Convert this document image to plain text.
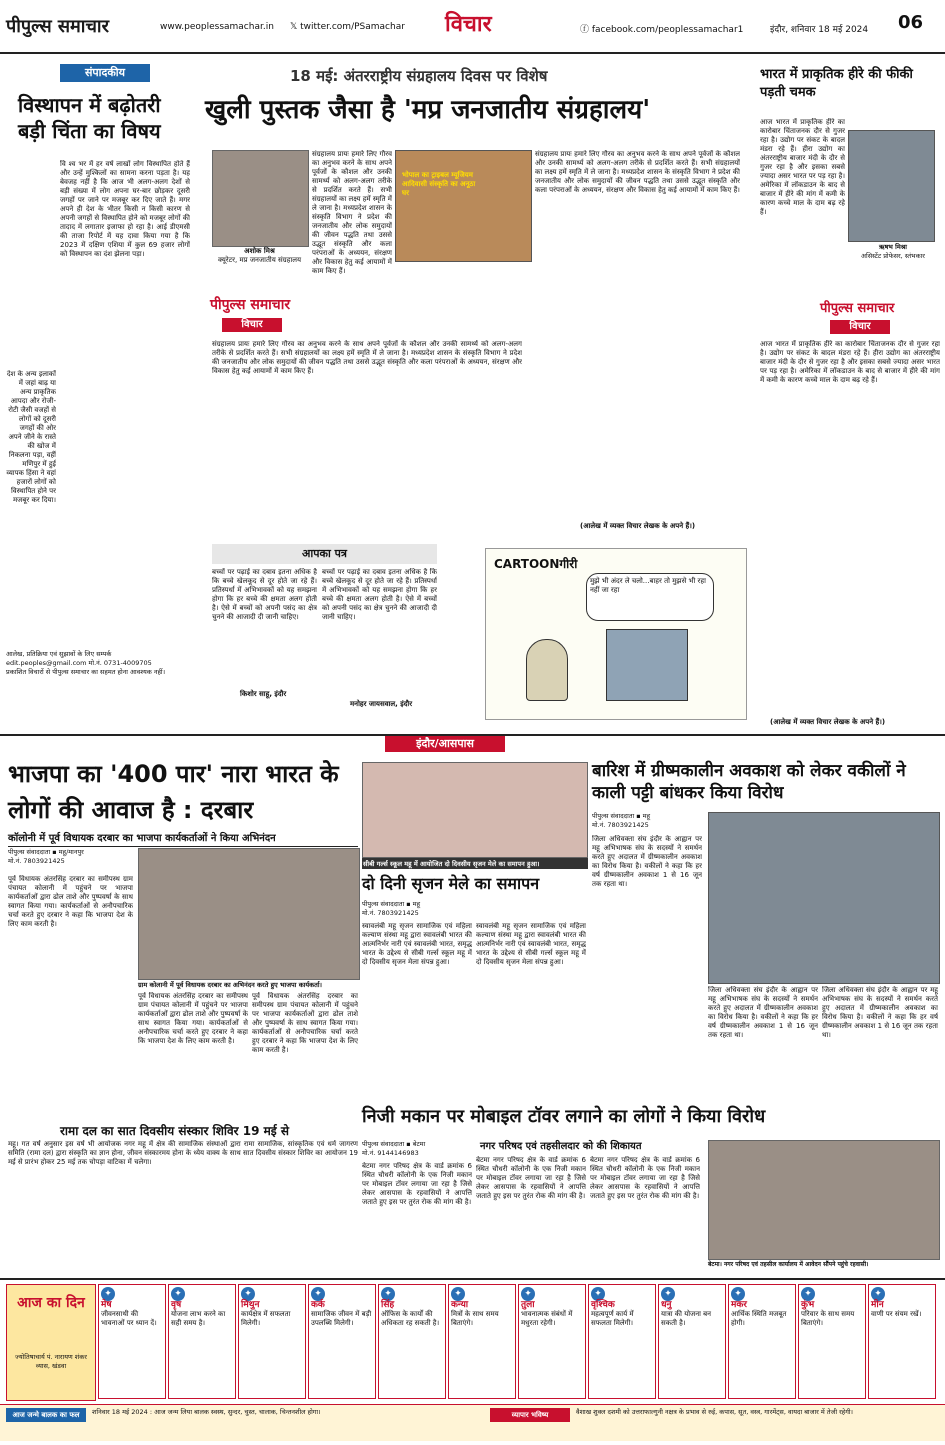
पीपुल्स समाचार	www.peoplessamachar.in 𝕏 twitter.com/PSamachar विचार	ⓕ facebook.com/peoplessamachar1	इंदौर, शनिवार 18 मई 2024 06
संपादकीय
विस्थापन में बढ़ोतरी बड़ी चिंता का विषय
वि श्व भर में हर वर्ष लाखों लोग विस्थापित होते हैं और उन्हें मुश्किलों का सामना करना पड़ता है। यह बेवजह नहीं है कि आज भी अलग-अलग देशों से बड़ी संख्या में लोग अपना घर-बार छोड़कर दूसरी जगहों पर जाने पर मजबूर कर दिए जाते हैं। मगर अपने ही देश के भीतर किसी न किसी कारण से अपनी जगहों से विस्थापित होने को मजबूर लोगों की तादाद में लगातार इजाफा हो रहा है। आई डीएमसी की ताजा रिपोर्ट में यह दावा किया गया है कि 2023 में दक्षिण एशिया में कुल 69 हजार लोगों को विस्थापन का दंश झेलना पड़ा।
देश के अन्य इलाकों में जहां बाढ़ या अन्य प्राकृतिक आपदा और रोजी-रोटी जैसी वजहों से लोगों को दूसरी जगहों की ओर अपने जीने के रास्ते की खोज में निकलना पड़ा, वहीं मणिपुर में हुई व्यापक हिंसा ने वहां हजारों लोगों को विस्थापित होने पर मजबूर कर दिया।
आलेख, प्रतिक्रिया एवं सुझावों के लिए सम्पर्क
edit.peoples@gmail.com मो.नं. 0731-4009705
प्रकाशित विचारों से पीपुल्स समाचार का सहमत होना आवश्यक नहीं।
18 मई: अंतरराष्ट्रीय संग्रहालय दिवस पर विशेष
खुली पुस्तक जैसा है 'मप्र जनजातीय संग्रहालय'
अशोक मिश्र
क्यूरेटर, मप्र जनजातीय संग्रहालय
पीपुल्स समाचार
विचार
संग्रहालय प्रायः हमारे लिए गौरव का अनुभव करने के साथ अपने पूर्वजों के कौशल और उनकी सामर्थ्य को अलग-अलग तरीके से प्रदर्शित करते हैं। सभी संग्रहालयों का लक्ष्य हमें स्मृति में ले जाना है। मध्यप्रदेश शासन के संस्कृति विभाग ने प्रदेश की जनजातीय और लोक समुदायों की जीवन पद्धति तथा उससे उद्भूत संस्कृति और कला परंपराओं के अध्ययन, संरक्षण और विकास हेतु कई आयामों में काम किए हैं।
भोपाल का ट्राइबल म्यूजियम आदिवासी संस्कृति का अनूठा घर
संग्रहालय प्रायः हमारे लिए गौरव का अनुभव करने के साथ अपने पूर्वजों के कौशल और उनकी सामर्थ्य को अलग-अलग तरीके से प्रदर्शित करते हैं। सभी संग्रहालयों का लक्ष्य हमें स्मृति में ले जाना है। मध्यप्रदेश शासन के संस्कृति विभाग ने प्रदेश की जनजातीय और लोक समुदायों की जीवन पद्धति तथा उससे उद्भूत संस्कृति और कला परंपराओं के अध्ययन, संरक्षण और विकास हेतु कई आयामों में काम किए हैं।
संग्रहालय प्रायः हमारे लिए गौरव का अनुभव करने के साथ अपने पूर्वजों के कौशल और उनकी सामर्थ्य को अलग-अलग तरीके से प्रदर्शित करते हैं। सभी संग्रहालयों का लक्ष्य हमें स्मृति में ले जाना है। मध्यप्रदेश शासन के संस्कृति विभाग ने प्रदेश की जनजातीय और लोक समुदायों की जीवन पद्धति तथा उससे उद्भूत संस्कृति और कला परंपराओं के अध्ययन, संरक्षण और विकास हेतु कई आयामों में काम किए हैं।
(आलेख में व्यक्त विचार लेखक के अपने हैं।)
आपका पत्र
बच्चों पर पढ़ाई का दबाव इतना अधिक है कि बच्चे खेलकूद से दूर होते जा रहे हैं। प्रतिस्पर्धा में अभिभावकों को यह समझना होगा कि हर बच्चे की क्षमता अलग होती है। ऐसे में बच्चों को अपनी पसंद का क्षेत्र चुनने की आजादी दी जानी चाहिए।
बच्चों पर पढ़ाई का दबाव इतना अधिक है कि बच्चे खेलकूद से दूर होते जा रहे हैं। प्रतिस्पर्धा में अभिभावकों को यह समझना होगा कि हर बच्चे की क्षमता अलग होती है। ऐसे में बच्चों को अपनी पसंद का क्षेत्र चुनने की आजादी दी जानी चाहिए।
किशोर साहू, इंदौर
मनोहर जायसवाल, इंदौर
CARTOONगीरी
मुझे भी अंदर ले चलो...बाहर तो मुझसे भी रहा नहीं जा रहा
भारत में प्राकृतिक हीरे की फीकी पड़ती चमक
आज भारत में प्राकृतिक हीरे का कारोबार चिंताजनक दौर से गुजर रहा है। उद्योग पर संकट के बादल मंडरा रहे हैं। हीरा उद्योग का अंतरराष्ट्रीय बाजार मंदी के दौर से गुजर रहा है और इसका सबसे ज्यादा असर भारत पर पड़ रहा है। अमेरिका में लॉकडाउन के बाद से बाजार में हीरे की मांग में कमी के कारण कच्चे माल के दाम बढ़ रहे हैं।
ऋषभ मिश्रा
असिस्टेंट प्रोफेसर, स्तंभकार
पीपुल्स समाचार
विचार
आज भारत में प्राकृतिक हीरे का कारोबार चिंताजनक दौर से गुजर रहा है। उद्योग पर संकट के बादल मंडरा रहे हैं। हीरा उद्योग का अंतरराष्ट्रीय बाजार मंदी के दौर से गुजर रहा है और इसका सबसे ज्यादा असर भारत पर पड़ रहा है। अमेरिका में लॉकडाउन के बाद से बाजार में हीरे की मांग में कमी के कारण कच्चे माल के दाम बढ़ रहे हैं।
(आलेख में व्यक्त विचार लेखक के अपने हैं।)
इंदौर/आसपास
भाजपा का '400 पार' नारा भारत के लोगों की आवाज है : दरबार
कॉलोनी में पूर्व विधायक दरबार का भाजपा कार्यकर्ताओं ने किया अभिनंदन
पीपुल्स संवाददाता ▪ महू/मानपुर
मो.नं. 7803921425
ग्राम कोलानी में पूर्व विधायक दरबार का अभिनंदन करते हुए भाजपा कार्यकर्ता।
पूर्व विधायक अंतरसिंह दरबार का समीपस्थ ग्राम पंचायत कोलानी में पहुंचने पर भाजपा कार्यकर्ताओं द्वारा ढोल ताशे और पुष्पवर्षा के साथ स्वागत किया गया। कार्यकर्ताओं से अनौपचारिक चर्चा करते हुए दरबार ने कहा कि भाजपा देश के लिए काम करती है।
पूर्व विधायक अंतरसिंह दरबार का समीपस्थ ग्राम पंचायत कोलानी में पहुंचने पर भाजपा कार्यकर्ताओं द्वारा ढोल ताशे और पुष्पवर्षा के साथ स्वागत किया गया। कार्यकर्ताओं से अनौपचारिक चर्चा करते हुए दरबार ने कहा कि भाजपा देश के लिए काम करती है।
पूर्व विधायक अंतरसिंह दरबार का समीपस्थ ग्राम पंचायत कोलानी में पहुंचने पर भाजपा कार्यकर्ताओं द्वारा ढोल ताशे और पुष्पवर्षा के साथ स्वागत किया गया। कार्यकर्ताओं से अनौपचारिक चर्चा करते हुए दरबार ने कहा कि भाजपा देश के लिए काम करती है।
रामा दल का सात दिवसीय संस्कार शिविर 19 मई से
महू। गत वर्ष अनुसार इस वर्ष भी आयोजक नगर महू में क्षेत्र की सामाजिक संस्थाओं द्वारा रामा सामाजिक, सांस्कृतिक एवं धर्म जागरण समिति (रामा दल) द्वारा संस्कृति का ज्ञान होना, जीवन संस्कारमय होना के ध्येय वाक्य के साथ सात दिवसीय संस्कार शिविर का आयोजन 19 मई से प्रारंभ होकर 25 मई तक चोपड़ा वाटिका में चलेगा।
सीबी गर्ल्स स्कूल महू में आयोजित दो दिवसीय सृजन मेले का समापन हुआ।
दो दिनी सृजन मेले का समापन
पीपुल्स संवाददाता ▪ महू
मो.नं. 7803921425
स्वावलंबी महू सृजन सामाजिक एवं महिला कल्याण संस्था महू द्वारा स्वावलंबी भारत की आत्मनिर्भर नारी एवं स्वावलंबी भारत, समृद्ध भारत के उद्देश्य से सीबी गर्ल्स स्कूल महू में दो दिवसीय सृजन मेला संपन्न हुआ।
स्वावलंबी महू सृजन सामाजिक एवं महिला कल्याण संस्था महू द्वारा स्वावलंबी भारत की आत्मनिर्भर नारी एवं स्वावलंबी भारत, समृद्ध भारत के उद्देश्य से सीबी गर्ल्स स्कूल महू में दो दिवसीय सृजन मेला संपन्न हुआ।
बारिश में ग्रीष्मकालीन अवकाश को लेकर वकीलों ने काली पट्टी बांधकर किया विरोध
पीपुल्स संवाददाता ▪ महू
मो.नं. 7803921425
जिला अधिवक्ता संघ इंदौर के आह्वान पर महू अभिभाषक संघ के सदस्यों ने समर्थन करते हुए अदालत में ग्रीष्मकालीन अवकाश का विरोध किया है। वकीलों ने कहा कि हर वर्ष ग्रीष्मकालीन अवकाश 1 से 16 जून तक रहता था।
जिला अधिवक्ता संघ इंदौर के आह्वान पर महू अभिभाषक संघ के सदस्यों ने समर्थन करते हुए अदालत में ग्रीष्मकालीन अवकाश का विरोध किया है। वकीलों ने कहा कि हर वर्ष ग्रीष्मकालीन अवकाश 1 से 16 जून तक रहता था।
जिला अधिवक्ता संघ इंदौर के आह्वान पर महू अभिभाषक संघ के सदस्यों ने समर्थन करते हुए अदालत में ग्रीष्मकालीन अवकाश का विरोध किया है। वकीलों ने कहा कि हर वर्ष ग्रीष्मकालीन अवकाश 1 से 16 जून तक रहता था।
निजी मकान पर मोबाइल टॉवर लगाने का लोगों ने किया विरोध
नगर परिषद एवं तहसीलदार को की शिकायत
पीपुल्स संवाददाता ▪ बेटमा
मो.नं. 9144146983
बेटमा नगर परिषद क्षेत्र के वार्ड क्रमांक 6 स्थित चौधरी कॉलोनी के एक निजी मकान पर मोबाइल टॉवर लगाया जा रहा है जिसे लेकर आसपास के रहवासियों ने आपत्ति जताते हुए इस पर तुरंत रोक की मांग की है।
बेटमा नगर परिषद क्षेत्र के वार्ड क्रमांक 6 स्थित चौधरी कॉलोनी के एक निजी मकान पर मोबाइल टॉवर लगाया जा रहा है जिसे लेकर आसपास के रहवासियों ने आपत्ति जताते हुए इस पर तुरंत रोक की मांग की है।
बेटमा नगर परिषद क्षेत्र के वार्ड क्रमांक 6 स्थित चौधरी कॉलोनी के एक निजी मकान पर मोबाइल टॉवर लगाया जा रहा है जिसे लेकर आसपास के रहवासियों ने आपत्ति जताते हुए इस पर तुरंत रोक की मांग की है।
बेटमा। नगर परिषद एवं तहसील कार्यालय में आवेदन सौंपने पहुंचे रहवासी।
आज का दिन
ज्योतिषाचार्य पं. नारायण शंकर व्यास, खंडवा
✦
मेष
जीवनसाथी की भावनाओं पर ध्यान दें।
✦
वृष
योजना लाभ करने का सही समय है।
✦
मिथुन
कार्यक्षेत्र में सफलता मिलेगी।
✦
कर्क
सामाजिक जीवन में बड़ी उपलब्धि मिलेगी।
✦
सिंह
ऑफिस के कार्यों की अधिकता रह सकती है।
✦
कन्या
मित्रों के साथ समय बिताएंगे।
✦
तुला
भावनात्मक संबंधों में मधुरता रहेगी।
✦
वृश्चिक
महत्वपूर्ण कार्य में सफलता मिलेगी।
✦
धनु
यात्रा की योजना बन सकती है।
✦
मकर
आर्थिक स्थिति मजबूत होगी।
✦
कुंभ
परिवार के साथ समय बिताएंगे।
✦
मीन
वाणी पर संयम रखें।
आज जन्मे बालक का फल	शनिवार 18 मई 2024 : आज जन्म लिया बालक स्वस्थ, सुन्दर, चुस्त, चालाक, चिन्तनशील होगा।	व्यापार भविष्य	वैशाख शुक्ल दशमी को उत्तराफाल्गुनी नक्षत्र के प्रभाव से रुई, कपास, सूत, वस्त्र, गारमेंट्स, वायदा बाजार में तेजी रहेगी।
